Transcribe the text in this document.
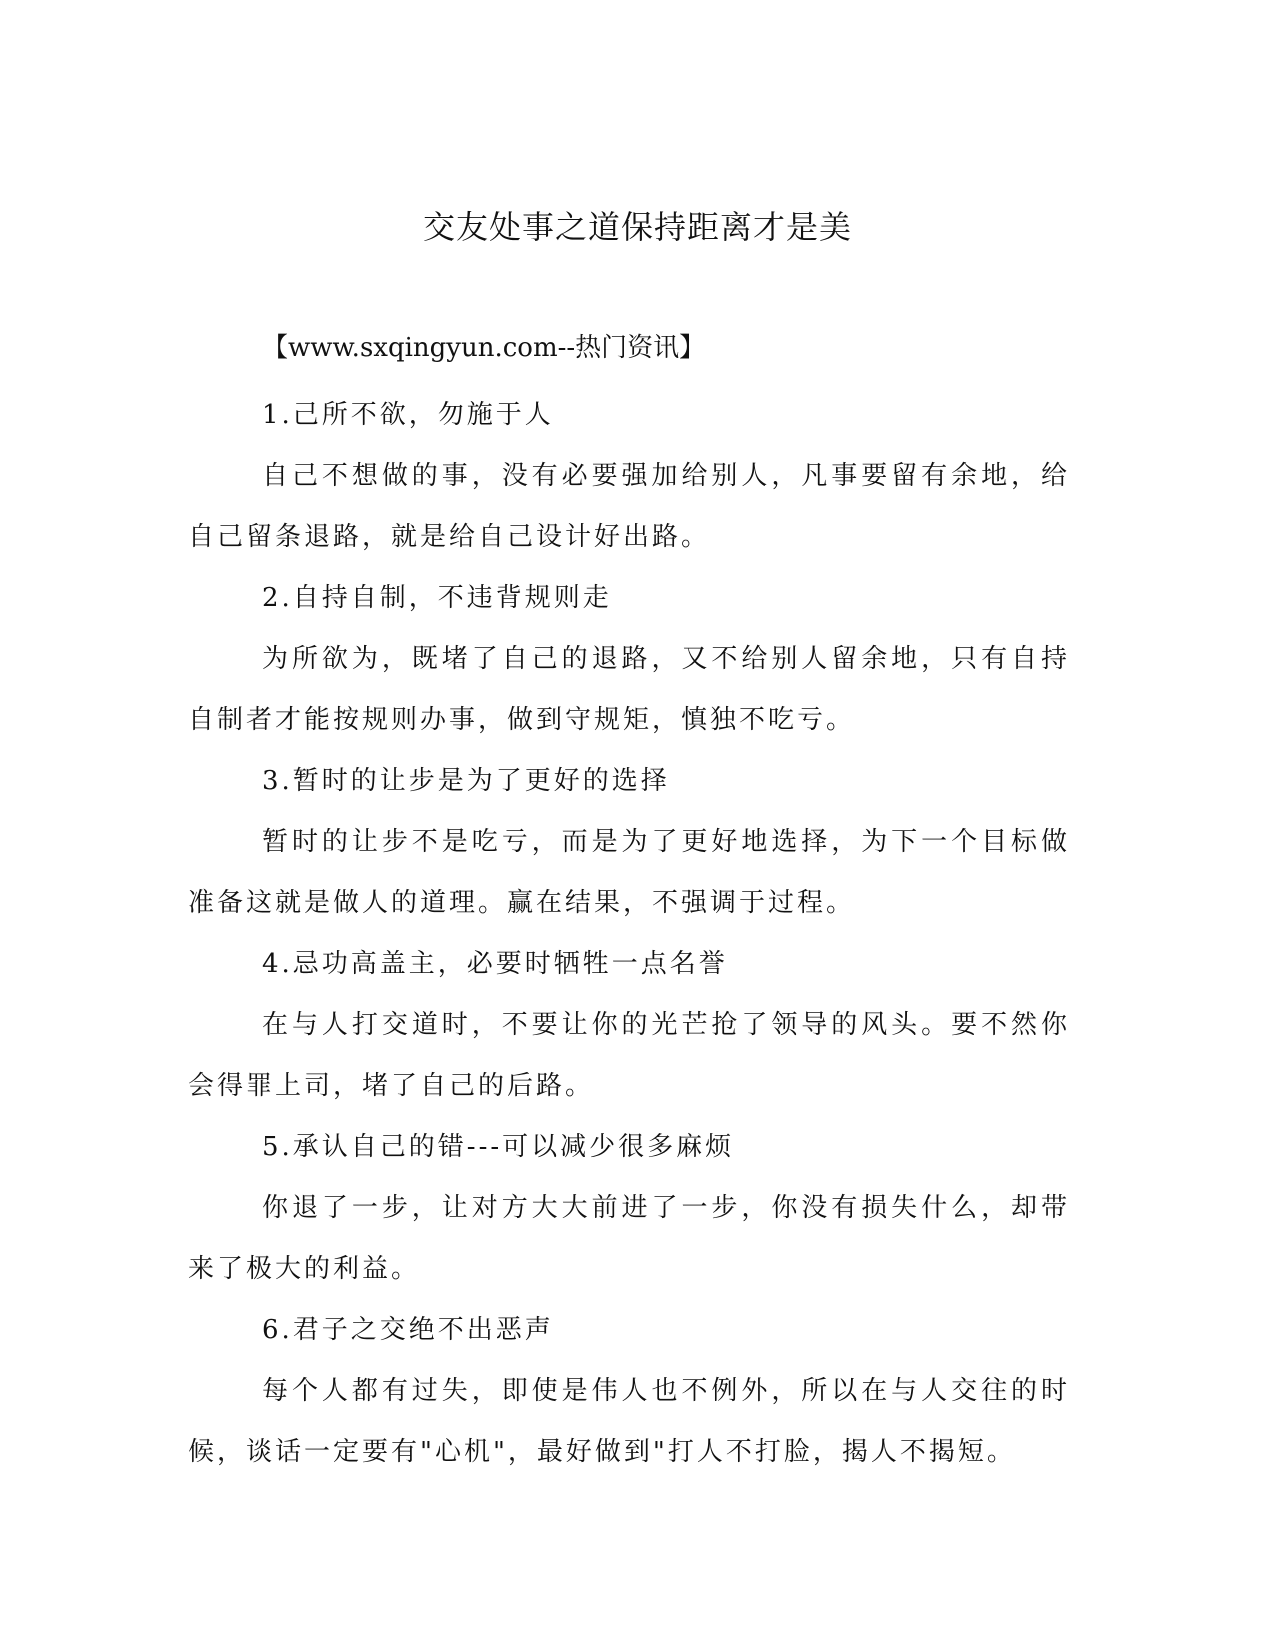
交友处事之道保持距离才是美

【www.sxqingyun.com--热门资讯】

1.己所不欲，勿施于人

自己不想做的事，没有必要强加给别人，凡事要留有余地，给自己留条退路，就是给自己设计好出路。

2.自持自制，不违背规则走

为所欲为，既堵了自己的退路，又不给别人留余地，只有自持自制者才能按规则办事，做到守规矩，慎独不吃亏。

3.暂时的让步是为了更好的选择

暂时的让步不是吃亏，而是为了更好地选择，为下一个目标做准备这就是做人的道理。赢在结果，不强调于过程。

4.忌功高盖主，必要时牺牲一点名誉

在与人打交道时，不要让你的光芒抢了领导的风头。要不然你会得罪上司，堵了自己的后路。

5.承认自己的错---可以减少很多麻烦

你退了一步，让对方大大前进了一步，你没有损失什么，却带来了极大的利益。

6.君子之交绝不出恶声

每个人都有过失，即使是伟人也不例外，所以在与人交往的时候，谈话一定要有"心机"，最好做到"打人不打脸，揭人不揭短。
